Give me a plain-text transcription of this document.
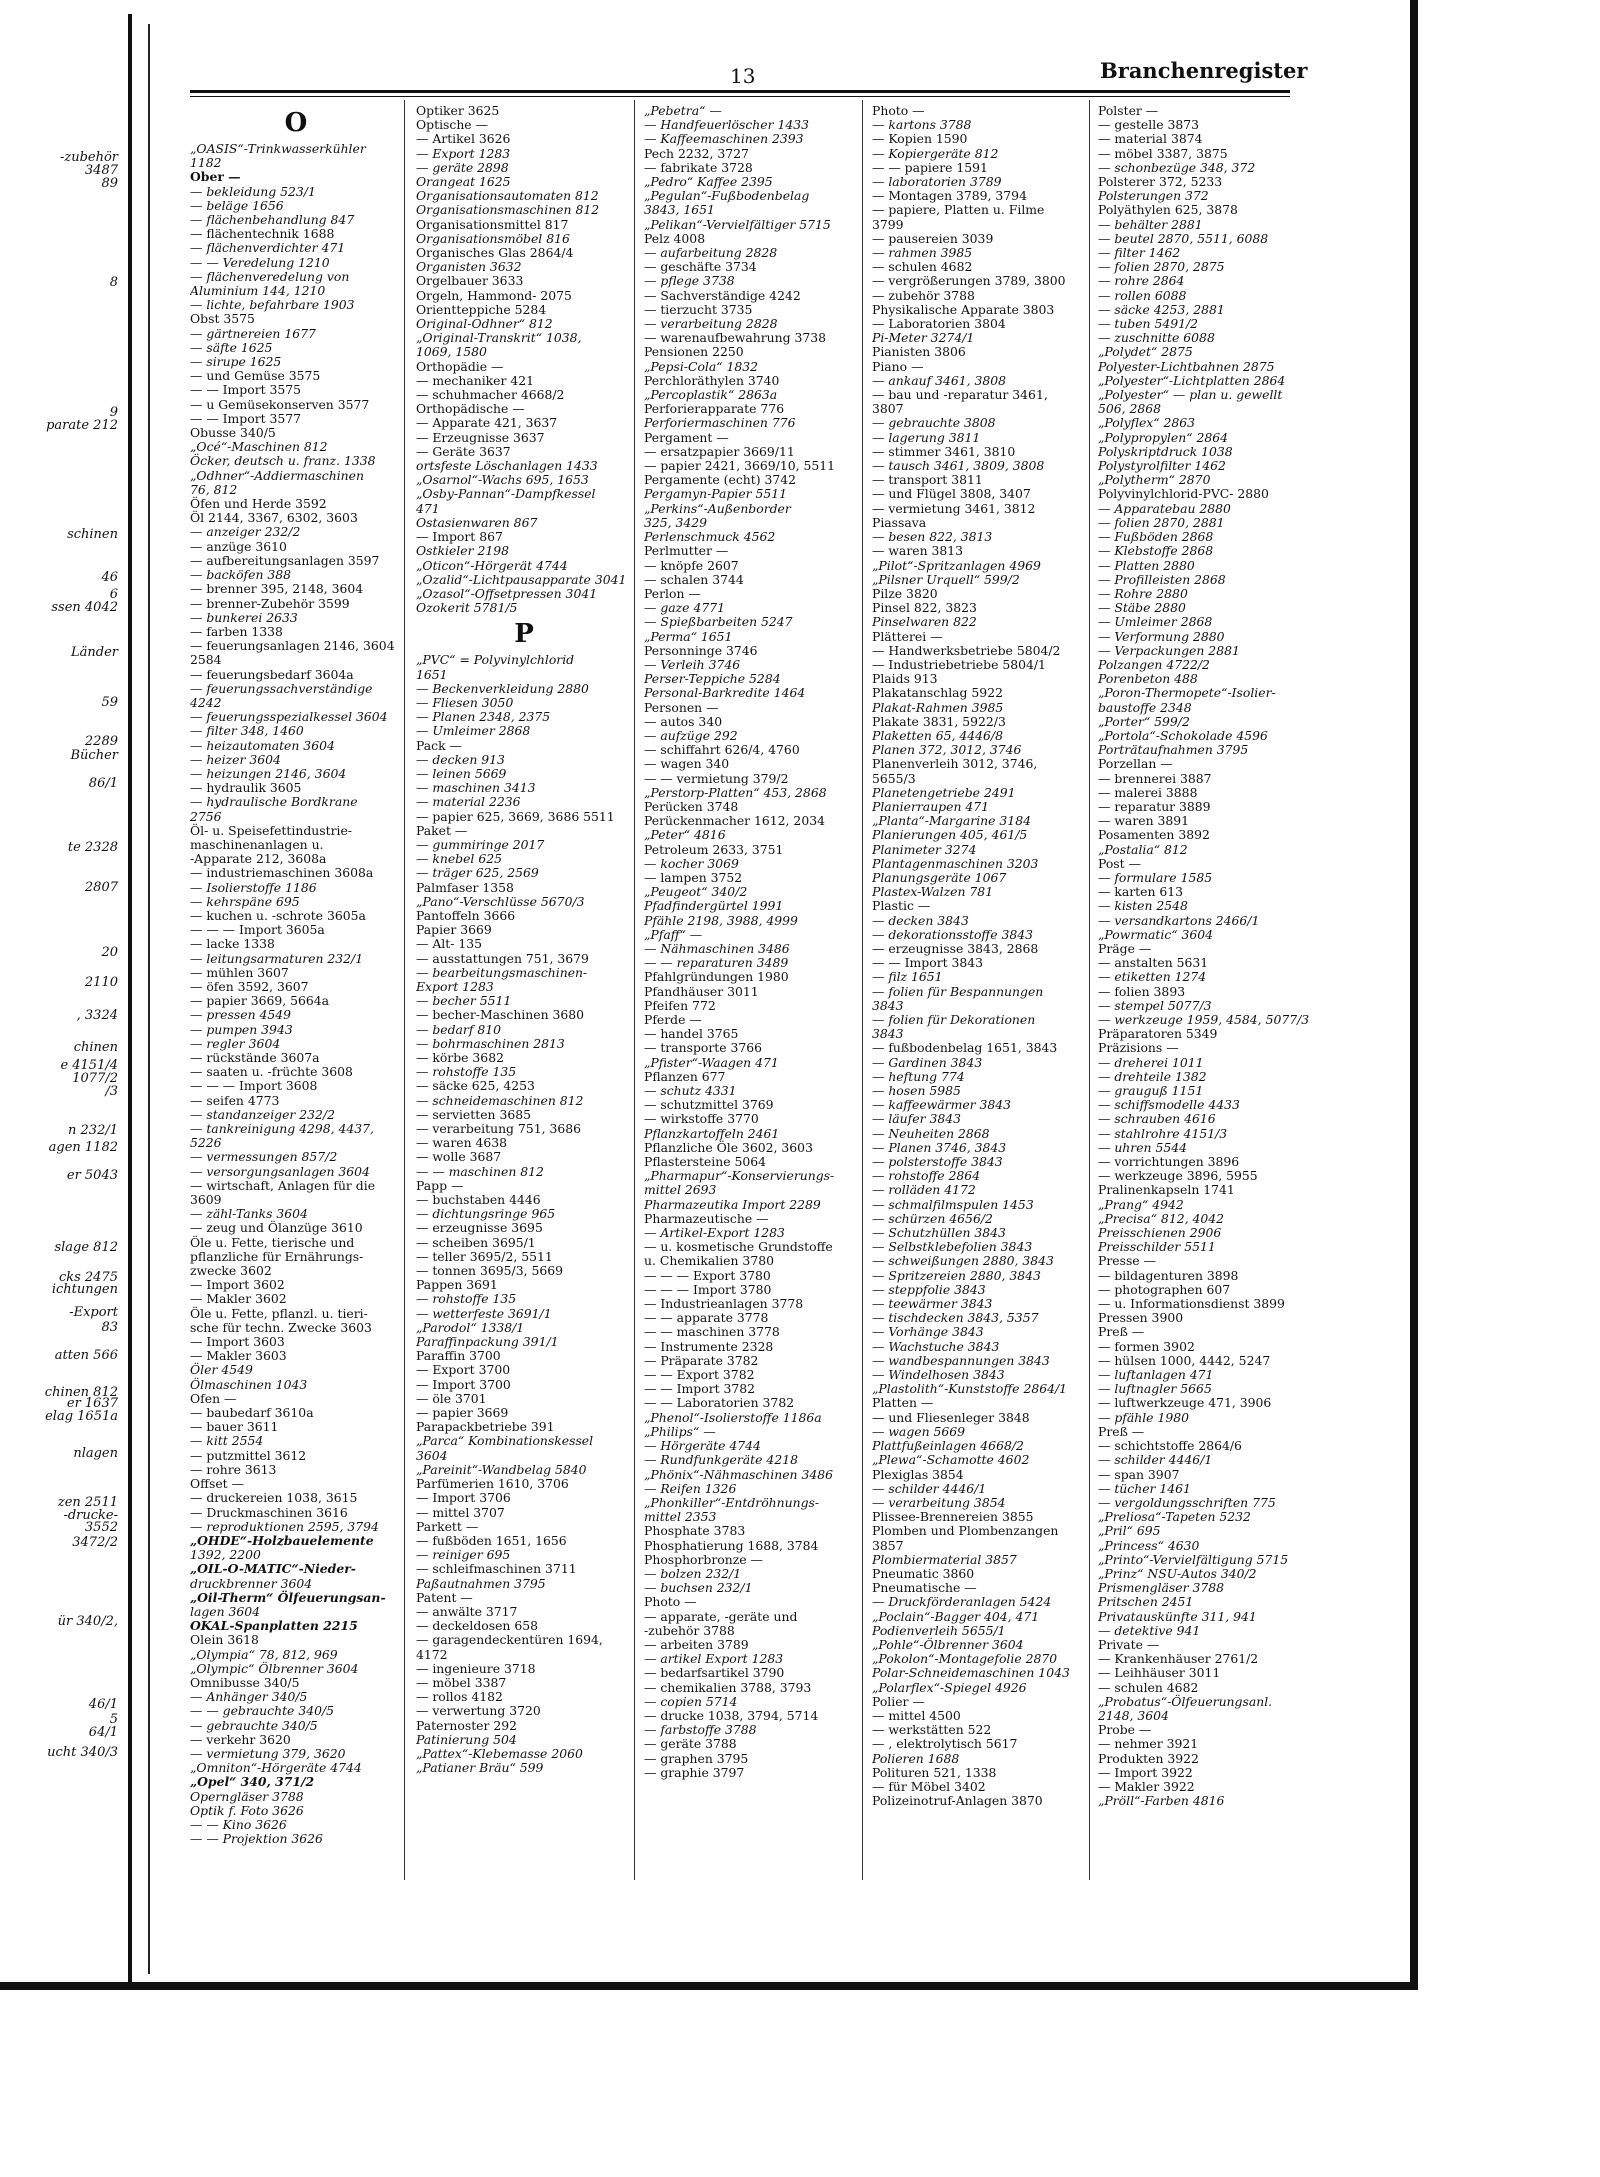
-zubehör
3487
89
8
9
parate 212
schinen
46
6
ssen 4042
Länder
59
2289
Bücher
86/1
te 2328
2807
20
2110
, 3324
chinen
e 4151/4
1077/2
/3
n 232/1
agen 1182
er 5043
slage 812
cks 2475
ichtungen
-Export
83
atten 566
chinen 812
er 1637
elag 1651a
nlagen
zen 2511
-drucke-
3552
3472/2
ür 340/2,
46/1
5
ucht 340/3
64/1
13	Branchenregister
O
„OASIS“-Trinkwasserkühler
1182
Ober —
— bekleidung 523/1
— beläge 1656
— flächenbehandlung 847
— flächentechnik 1688
— flächenverdichter 471
— — Veredelung 1210
— flächenveredelung von
Aluminium 144, 1210
— lichte, befahrbare 1903
Obst 3575
— gärtnereien 1677
— säfte 1625
— sirupe 1625
— und Gemüse 3575
— — Import 3575
— u Gemüsekonserven 3577
— — Import 3577
Obusse 340/5
„Océ“-Maschinen 812
Öcker, deutsch u. franz. 1338
„Odhner“-Addiermaschinen
76, 812
Öfen und Herde 3592
Öl 2144, 3367, 6302, 3603
— anzeiger 232/2
— anzüge 3610
— aufbereitungsanlagen 3597
— backöfen 388
— brenner 395, 2148, 3604
— brenner-Zubehör 3599
— bunkerei 2633
— farben 1338
— feuerungsanlagen 2146, 3604
2584
— feuerungsbedarf 3604a
— feuerungssachverständige
4242
— feuerungsspezialkessel 3604
— filter 348, 1460
— heizautomaten 3604
— heizer 3604
— heizungen 2146, 3604
— hydraulik 3605
— hydraulische Bordkrane
2756
Öl- u. Speisefettindustrie-
maschinenanlagen u.
-Apparate 212, 3608a
— industriemaschinen 3608a
— Isolierstoffe 1186
— kehrspäne 695
— kuchen u. -schrote 3605a
— — — Import 3605a
— lacke 1338
— leitungsarmaturen 232/1
— mühlen 3607
— öfen 3592, 3607
— papier 3669, 5664a
— pressen 4549
— pumpen 3943
— regler 3604
— rückstände 3607a
— saaten u. -früchte 3608
— — — Import 3608
— seifen 4773
— standanzeiger 232/2
— tankreinigung 4298, 4437,
5226
— vermessungen 857/2
— versorgungsanlagen 3604
— wirtschaft, Anlagen für die
3609
— zähl-Tanks 3604
— zeug und Ölanzüge 3610
Öle u. Fette, tierische und
pflanzliche für Ernährungs-
zwecke 3602
— Import 3602
— Makler 3602
Öle u. Fette, pflanzl. u. tieri-
sche für techn. Zwecke 3603
— Import 3603
— Makler 3603
Öler 4549
Ölmaschinen 1043
Ofen —
— baubedarf 3610a
— bauer 3611
— kitt 2554
— putzmittel 3612
— rohre 3613
Offset —
— druckereien 1038, 3615
— Druckmaschinen 3616
— reproduktionen 2595, 3794
„OHDE“-Holzbauelemente
1392, 2200
„OIL-O-MATIC“-Nieder-
druckbrenner 3604
„Oil-Therm“ Ölfeuerungsan-
lagen 3604
OKAL-Spanplatten 2215
Olein 3618
„Olympia“ 78, 812, 969
„Olympic“ Ölbrenner 3604
Omnibusse 340/5
— Anhänger 340/5
— — gebrauchte 340/5
— gebrauchte 340/5
— verkehr 3620
— vermietung 379, 3620
„Omniton“-Hörgeräte 4744
„Opel“ 340, 371/2
Operngläser 3788
Optik f. Foto 3626
— — Kino 3626
— — Projektion 3626
Optiker 3625
Optische —
— Artikel 3626
— Export 1283
— geräte 2898
Orangeat 1625
Organisationsautomaten 812
Organisationsmaschinen 812
Organisationsmittel 817
Organisationsmöbel 816
Organisches Glas 2864/4
Organisten 3632
Orgelbauer 3633
Orgeln, Hammond- 2075
Orientteppiche 5284
Original-Odhner“ 812
„Original-Transkrit“ 1038,
1069, 1580
Orthopädie —
— mechaniker 421
— schuhmacher 4668/2
Orthopädische —
— Apparate 421, 3637
— Erzeugnisse 3637
— Geräte 3637
ortsfeste Löschanlagen 1433
„Osarnol“-Wachs 695, 1653
„Osby-Pannan“-Dampfkessel
471
Ostasienwaren 867
— Import 867
Ostkieler 2198
„Oticon“-Hörgerät 4744
„Ozalid“-Lichtpausapparate 3041
„Ozasol“-Offsetpressen 3041
Ozokerit 5781/5
P
„PVC“ = Polyvinylchlorid
1651
— Beckenverkleidung 2880
— Fliesen 3050
— Planen 2348, 2375
— Umleimer 2868
Pack —
— decken 913
— leinen 5669
— maschinen 3413
— material 2236
— papier 625, 3669, 3686 5511
Paket —
— gummiringe 2017
— knebel 625
— träger 625, 2569
Palmfaser 1358
„Pano“-Verschlüsse 5670/3
Pantoffeln 3666
Papier 3669
— Alt- 135
— ausstattungen 751, 3679
— bearbeitungsmaschinen-
Export 1283
— becher 5511
— becher-Maschinen 3680
— bedarf 810
— bohrmaschinen 2813
— körbe 3682
— rohstoffe 135
— säcke 625, 4253
— schneidemaschinen 812
— servietten 3685
— verarbeitung 751, 3686
— waren 4638
— wolle 3687
— — maschinen 812
Papp —
— buchstaben 4446
— dichtungsringe 965
— erzeugnisse 3695
— scheiben 3695/1
— teller 3695/2, 5511
— tonnen 3695/3, 5669
Pappen 3691
— rohstoffe 135
— wetterfeste 3691/1
„Parodol“ 1338/1
Paraffinpackung 391/1
Paraffin 3700
— Export 3700
— Import 3700
— öle 3701
— papier 3669
Parapackbetriebe 391
„Parca“ Kombinationskessel
3604
„Pareinit“-Wandbelag 5840
Parfümerien 1610, 3706
— Import 3706
— mittel 3707
Parkett —
— fußböden 1651, 1656
— reiniger 695
— schleifmaschinen 3711
Paßautnahmen 3795
Patent —
— anwälte 3717
— deckeldosen 658
— garagendeckentüren 1694,
4172
— ingenieure 3718
— möbel 3387
— rollos 4182
— verwertung 3720
Paternoster 292
Patinierung 504
„Pattex“-Klebemasse 2060
„Patianer Bräu“ 599
„Pebetra“ —
— Handfeuerlöscher 1433
— Kaffeemaschinen 2393
Pech 2232, 3727
— fabrikate 3728
„Pedro“ Kaffee 2395
„Pegulan“-Fußbodenbelag
3843, 1651
„Pelikan“-Vervielfältiger 5715
Pelz 4008
— aufarbeitung 2828
— geschäfte 3734
— pflege 3738
— Sachverständige 4242
— tierzucht 3735
— verarbeitung 2828
— warenaufbewahrung 3738
Pensionen 2250
„Pepsi-Cola“ 1832
Perchloräthylen 3740
„Percoplastik“ 2863a
Perforierapparate 776
Perforiermaschinen 776
Pergament —
— ersatzpapier 3669/11
— papier 2421, 3669/10, 5511
Pergamente (echt) 3742
Pergamyn-Papier 5511
„Perkins“-Außenborder
325, 3429
Perlenschmuck 4562
Perlmutter —
— knöpfe 2607
— schalen 3744
Perlon —
— gaze 4771
— Spießbarbeiten 5247
„Perma“ 1651
Personninge 3746
— Verleih 3746
Perser-Teppiche 5284
Personal-Barkredite 1464
Personen —
— autos 340
— aufzüge 292
— schiffahrt 626/4, 4760
— wagen 340
— — vermietung 379/2
„Perstorp-Platten“ 453, 2868
Perücken 3748
Perückenmacher 1612, 2034
„Peter“ 4816
Petroleum 2633, 3751
— kocher 3069
— lampen 3752
„Peugeot“ 340/2
Pfadfindergürtel 1991
Pfähle 2198, 3988, 4999
„Pfaff“ —
— Nähmaschinen 3486
— — reparaturen 3489
Pfahlgründungen 1980
Pfandhäuser 3011
Pfeifen 772
Pferde —
— handel 3765
— transporte 3766
„Pfister“-Waagen 471
Pflanzen 677
— schutz 4331
— schutzmittel 3769
— wirkstoffe 3770
Pflanzkartoffeln 2461
Pflanzliche Öle 3602, 3603
Pflastersteine 5064
„Pharmapur“-Konservierungs-
mittel 2693
Pharmazeutika Import 2289
Pharmazeutische —
— Artikel-Export 1283
— u. kosmetische Grundstoffe
u. Chemikalien 3780
— — — Export 3780
— — — Import 3780
— Industrieanlagen 3778
— — apparate 3778
— — maschinen 3778
— Instrumente 2328
— Präparate 3782
— — Export 3782
— — Import 3782
— — Laboratorien 3782
„Phenol“-Isolierstoffe 1186a
„Philips“ —
— Hörgeräte 4744
— Rundfunkgeräte 4218
„Phönix“-Nähmaschinen 3486
— Reifen 1326
„Phonkiller“-Entdröhnungs-
mittel 2353
Phosphate 3783
Phosphatierung 1688, 3784
Phosphorbronze —
— bolzen 232/1
— buchsen 232/1
Photo —
— apparate, -geräte und
-zubehör 3788
— arbeiten 3789
— artikel Export 1283
— bedarfsartikel 3790
— chemikalien 3788, 3793
— copien 5714
— drucke 1038, 3794, 5714
— farbstoffe 3788
— geräte 3788
— graphen 3795
— graphie 3797
Photo —
— kartons 3788
— Kopien 1590
— Kopiergeräte 812
— — papiere 1591
— laboratorien 3789
— Montagen 3789, 3794
— papiere, Platten u. Filme
3799
— pausereien 3039
— rahmen 3985
— schulen 4682
— vergrößerungen 3789, 3800
— zubehör 3788
Physikalische Apparate 3803
— Laboratorien 3804
Pi-Meter 3274/1
Pianisten 3806
Piano —
— ankauf 3461, 3808
— bau und -reparatur 3461,
3807
— gebrauchte 3808
— lagerung 3811
— stimmer 3461, 3810
— tausch 3461, 3809, 3808
— transport 3811
— und Flügel 3808, 3407
— vermietung 3461, 3812
Piassava
— besen 822, 3813
— waren 3813
„Pilot“-Spritzanlagen 4969
„Pilsner Urquell“ 599/2
Pilze 3820
Pinsel 822, 3823
Pinselwaren 822
Plätterei —
— Handwerksbetriebe 5804/2
— Industriebetriebe 5804/1
Plaids 913
Plakatanschlag 5922
Plakat-Rahmen 3985
Plakate 3831, 5922/3
Plaketten 65, 4446/8
Planen 372, 3012, 3746
Planenverleih 3012, 3746,
5655/3
Planetengetriebe 2491
Planierraupen 471
„Planta“-Margarine 3184
Planierungen 405, 461/5
Planimeter 3274
Plantagenmaschinen 3203
Planungsgeräte 1067
Plastex-Walzen 781
Plastic —
— decken 3843
— dekorationsstoffe 3843
— erzeugnisse 3843, 2868
— — Import 3843
— filz 1651
— folien für Bespannungen
3843
— folien für Dekorationen
3843
— fußbodenbelag 1651, 3843
— Gardinen 3843
— heftung 774
— hosen 5985
— kaffeewärmer 3843
— läufer 3843
— Neuheiten 2868
— Planen 3746, 3843
— polsterstoffe 3843
— rohstoffe 2864
— rolläden 4172
— schmalfilmspulen 1453
— schürzen 4656/2
— Schutzhüllen 3843
— Selbstklebefolien 3843
— schweißungen 2880, 3843
— Spritzereien 2880, 3843
— steppfolie 3843
— teewärmer 3843
— tischdecken 3843, 5357
— Vorhänge 3843
— Wachstuche 3843
— wandbespannungen 3843
— Windelhosen 3843
„Plastolith“-Kunststoffe 2864/1
Platten —
— und Fliesenleger 3848
— wagen 5669
Plattfußeinlagen 4668/2
„Plewa“-Schamotte 4602
Plexiglas 3854
— schilder 4446/1
— verarbeitung 3854
Plissee-Brennereien 3855
Plomben und Plombenzangen
3857
Plombiermaterial 3857
Pneumatic 3860
Pneumatische —
— Druckförderanlagen 5424
„Poclain“-Bagger 404, 471
Podienverleih 5655/1
„Pohle“-Ölbrenner 3604
„Pokolon“-Montagefolie 2870
Polar-Schneidemaschinen 1043
„Polarflex“-Spiegel 4926
Polier —
— mittel 4500
— werkstätten 522
— , elektrolytisch 5617
Polieren 1688
Polituren 521, 1338
— für Möbel 3402
Polizeinotruf-Anlagen 3870
Polster —
— gestelle 3873
— material 3874
— möbel 3387, 3875
— schonbezüge 348, 372
Polsterer 372, 5233
Polsterungen 372
Polyäthylen 625, 3878
— behälter 2881
— beutel 2870, 5511, 6088
— filter 1462
— folien 2870, 2875
— rohre 2864
— rollen 6088
— säcke 4253, 2881
— tuben 5491/2
— zuschnitte 6088
„Polydet“ 2875
Polyester-Lichtbahnen 2875
„Polyester“-Lichtplatten 2864
„Polyester“ — plan u. gewellt
506, 2868
„Polyflex“ 2863
„Polypropylen“ 2864
Polyskriptdruck 1038
Polystyrolfilter 1462
„Polytherm“ 2870
Polyvinylchlorid-PVC- 2880
— Apparatebau 2880
— folien 2870, 2881
— Fußböden 2868
— Klebstoffe 2868
— Platten 2880
— Profilleisten 2868
— Rohre 2880
— Stäbe 2880
— Umleimer 2868
— Verformung 2880
— Verpackungen 2881
Polzangen 4722/2
Porenbeton 488
„Poron-Thermopete“-Isolier-
baustoffe 2348
„Porter“ 599/2
„Portola“-Schokolade 4596
Porträtaufnahmen 3795
Porzellan —
— brennerei 3887
— malerei 3888
— reparatur 3889
— waren 3891
Posamenten 3892
„Postalia“ 812
Post —
— formulare 1585
— karten 613
— kisten 2548
— versandkartons 2466/1
„Powrmatic“ 3604
Präge —
— anstalten 5631
— etiketten 1274
— folien 3893
— stempel 5077/3
— werkzeuge 1959, 4584, 5077/3
Präparatoren 5349
Präzisions —
— dreherei 1011
— drehteile 1382
— grauguß 1151
— schiffsmodelle 4433
— schrauben 4616
— stahlrohre 4151/3
— uhren 5544
— vorrichtungen 3896
— werkzeuge 3896, 5955
Pralinenkapseln 1741
„Prang“ 4942
„Precisa“ 812, 4042
Preisschienen 2906
Preisschilder 5511
Presse —
— bildagenturen 3898
— photographen 607
— u. Informationsdienst 3899
Pressen 3900
Preß —
— formen 3902
— hülsen 1000, 4442, 5247
— luftanlagen 471
— luftnagler 5665
— luftwerkzeuge 471, 3906
— pfähle 1980
Preß —
— schichtstoffe 2864/6
— schilder 4446/1
— span 3907
— tücher 1461
— vergoldungsschriften 775
„Preliosa“-Tapeten 5232
„Pril“ 695
„Princess“ 4630
„Printo“-Vervielfältigung 5715
„Prinz“ NSU-Autos 340/2
Prismengläser 3788
Pritschen 2451
Privatauskünfte 311, 941
— detektive 941
Private —
— Krankenhäuser 2761/2
— Leihhäuser 3011
— schulen 4682
„Probatus“-Ölfeuerungsanl.
2148, 3604
Probe —
— nehmer 3921
Produkten 3922
— Import 3922
— Makler 3922
„Pröll“-Farben 4816
